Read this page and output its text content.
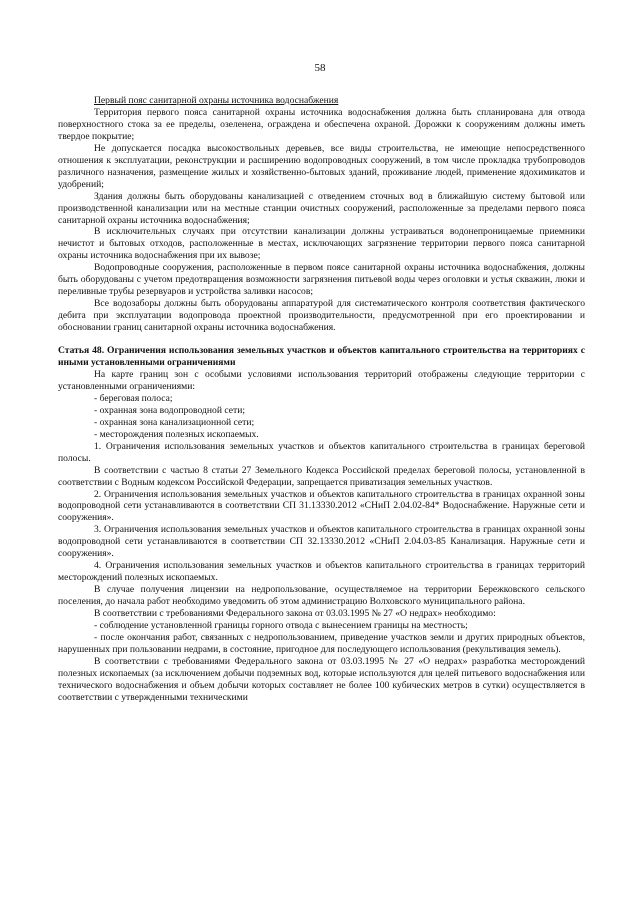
58

Первый пояс санитарной охраны источника водоснабжения

Территория первого пояса санитарной охраны источника водоснабжения должна быть спланирована для отвода поверхностного стока за ее пределы, озеленена, ограждена и обеспечена охраной. Дорожки к сооружениям должны иметь твердое покрытие;

Не допускается посадка высокоствольных деревьев, все виды строительства, не имеющие непосредственного отношения к эксплуатации, реконструкции и расширению водопроводных сооружений, в том числе прокладка трубопроводов различного назначения, размещение жилых и хозяйственно-бытовых зданий, проживание людей, применение ядохимикатов и удобрений;

Здания должны быть оборудованы канализацией с отведением сточных вод в ближайшую систему бытовой или производственной канализации или на местные станции очистных сооружений, расположенные за пределами первого пояса санитарной охраны источника водоснабжения;

В исключительных случаях при отсутствии канализации должны устраиваться водонепроницаемые приемники нечистот и бытовых отходов, расположенные в местах, исключающих загрязнение территории первого пояса санитарной охраны источника водоснабжения при их вывозе;

Водопроводные сооружения, расположенные в первом поясе санитарной охраны источника водоснабжения, должны быть оборудованы с учетом предотвращения возможности загрязнения питьевой воды через оголовки и устья скважин, люки и переливные трубы резервуаров и устройства заливки насосов;

Все водозаборы должны быть оборудованы аппаратурой для систематического контроля соответствия фактического дебита при эксплуатации водопровода проектной производительности, предусмотренной при его проектировании и обосновании границ санитарной охраны источника водоснабжения.

Статья 48. Ограничения использования земельных участков и объектов капитального строительства на территориях с иными установленными ограничениями

На карте границ зон с особыми условиями использования территорий отображены следующие территории с установленными ограничениями:

- береговая полоса;

- охранная зона водопроводной сети;

- охранная зона канализационной сети;

- месторождения полезных ископаемых.

1. Ограничения использования земельных участков и объектов капитального строительства в границах береговой полосы.

В соответствии с частью 8 статьи 27 Земельного Кодекса Российской пределах береговой полосы, установленной в соответствии с Водным кодексом Российской Федерации, запрещается приватизация земельных участков.

2. Ограничения использования земельных участков и объектов капитального строительства в границах охранной зоны водопроводной сети устанавливаются в соответствии СП 31.13330.2012 «СНиП 2.04.02-84* Водоснабжение. Наружные сети и сооружения».

3. Ограничения использования земельных участков и объектов капитального строительства в границах охранной зоны водопроводной сети устанавливаются в соответствии СП 32.13330.2012 «СНиП 2.04.03-85 Канализация. Наружные сети и сооружения».

4. Ограничения использования земельных участков и объектов капитального строительства в границах территорий месторождений полезных ископаемых.

В случае получения лицензии на недропользование, осуществляемое на территории Бережковского сельского поселения, до начала работ необходимо уведомить об этом администрацию Волховского муниципального района.

В соответствии с требованиями Федерального закона от 03.03.1995 № 27 «О недрах» необходимо:

- соблюдение установленной границы горного отвода с вынесением границы на местность;

- после окончания работ, связанных с недропользованием, приведение участков земли и других природных объектов, нарушенных при пользовании недрами, в состояние, пригодное для последующего использования (рекультивация земель).

В соответствии с требованиями Федерального закона от 03.03.1995 № 27 «О недрах» разработка месторождений полезных ископаемых (за исключением добычи подземных вод, которые используются для целей питьевого водоснабжения или технического водоснабжения и объем добычи которых составляет не более 100 кубических метров в сутки) осуществляется в соответствии с утвержденными техническими
